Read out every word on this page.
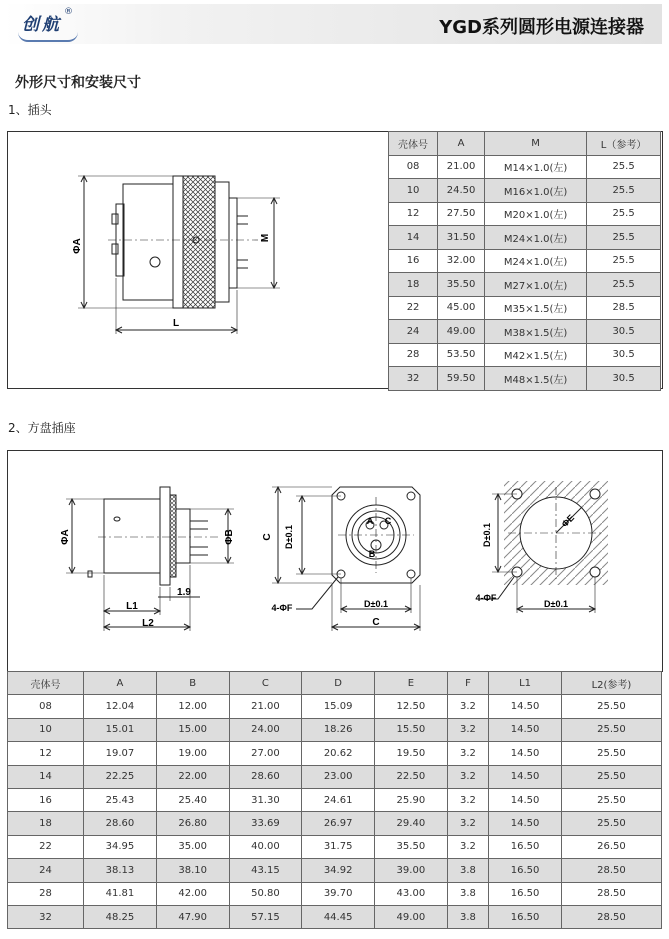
创航
®
YGD系列圆形电源连接器
外形尺寸和安装尺寸
1、插头
ΦA
M
L
壳体号	A	M	L（参考）
08	21.00	M14×1.0(左)	25.5
10	24.50	M16×1.0(左)	25.5
12	27.50	M20×1.0(左)	25.5
14	31.50	M24×1.0(左)	25.5
16	32.00	M24×1.0(左)	25.5
18	35.50	M27×1.0(左)	25.5
22	45.00	M35×1.5(左)	28.5
24	49.00	M38×1.5(左)	30.5
28	53.50	M42×1.5(左)	30.5
32	59.50	M48×1.5(左)	30.5
2、方盘插座
ΦA	ΦB
L1
1.9
L2
C D±0.1
A C
B
D±0.1
4-ΦF
C
D±0.1
ΦE
4-ΦF
D±0.1
壳体号	A	B	C	D	E	F	L1	L2(参考)
08	12.04	12.00	21.00	15.09	12.50	3.2	14.50	25.50
10	15.01	15.00	24.00	18.26	15.50	3.2	14.50	25.50
12	19.07	19.00	27.00	20.62	19.50	3.2	14.50	25.50
14	22.25	22.00	28.60	23.00	22.50	3.2	14.50	25.50
16	25.43	25.40	31.30	24.61	25.90	3.2	14.50	25.50
18	28.60	26.80	33.69	26.97	29.40	3.2	14.50	25.50
22	34.95	35.00	40.00	31.75	35.50	3.2	16.50	26.50
24	38.13	38.10	43.15	34.92	39.00	3.8	16.50	28.50
28	41.81	42.00	50.80	39.70	43.00	3.8	16.50	28.50
32	48.25	47.90	57.15	44.45	49.00	3.8	16.50	28.50
